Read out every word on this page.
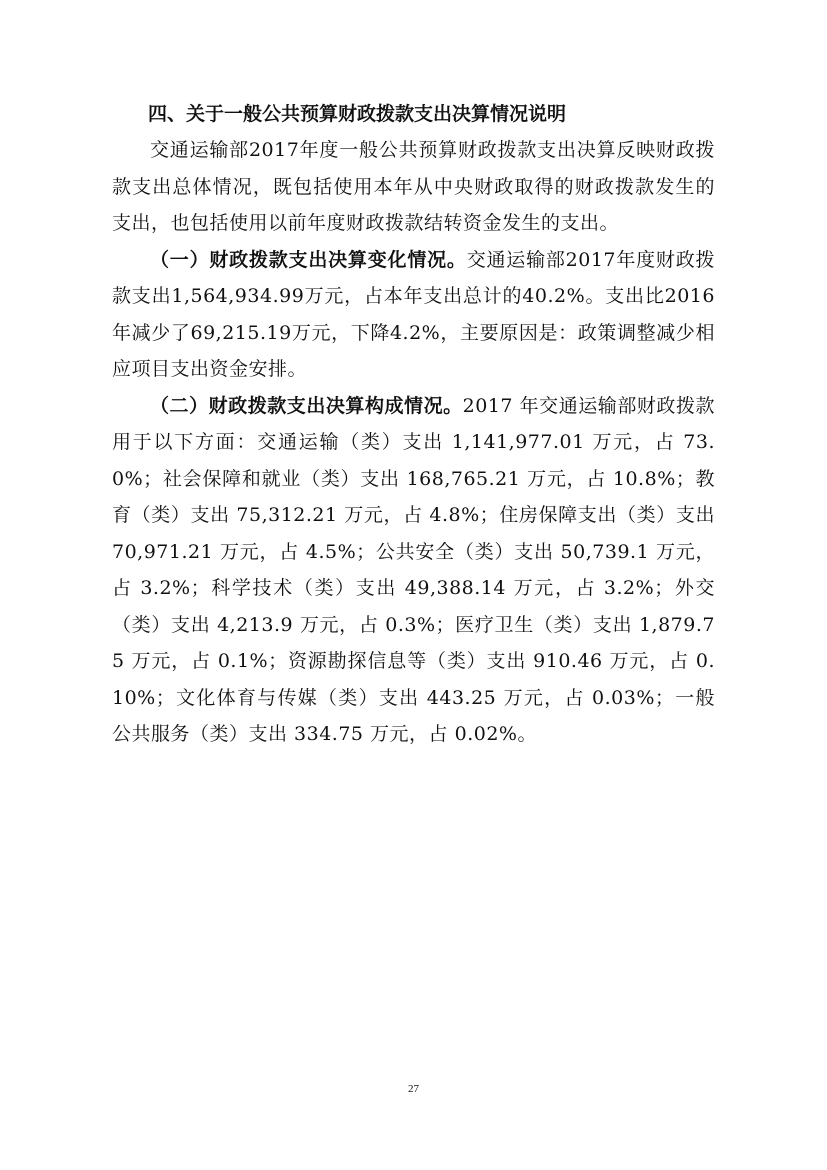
四、关于一般公共预算财政拨款支出决算情况说明

交通运输部2017年度一般公共预算财政拨款支出决算反映财政拨款支出总体情况，既包括使用本年从中央财政取得的财政拨款发生的支出，也包括使用以前年度财政拨款结转资金发生的支出。

（一）财政拨款支出决算变化情况。交通运输部2017年度财政拨款支出1,564,934.99万元，占本年支出总计的40.2%。支出比2016年减少了69,215.19万元，下降4.2%，主要原因是：政策调整减少相应项目支出资金安排。

（二）财政拨款支出决算构成情况。2017 年交通运输部财政拨款用于以下方面：交通运输（类）支出 1,141,977.01 万元，占 73.0%；社会保障和就业（类）支出 168,765.21 万元，占 10.8%；教育（类）支出 75,312.21 万元，占 4.8%；住房保障支出（类）支出 70,971.21 万元，占 4.5%；公共安全（类）支出 50,739.1 万元，占 3.2%；科学技术（类）支出 49,388.14 万元，占 3.2%；外交（类）支出 4,213.9 万元，占 0.3%；医疗卫生（类）支出 1,879.75 万元，占 0.1%；资源勘探信息等（类）支出 910.46 万元，占 0.10%；文化体育与传媒（类）支出 443.25 万元，占 0.03%；一般公共服务（类）支出 334.75 万元，占 0.02%。

27
